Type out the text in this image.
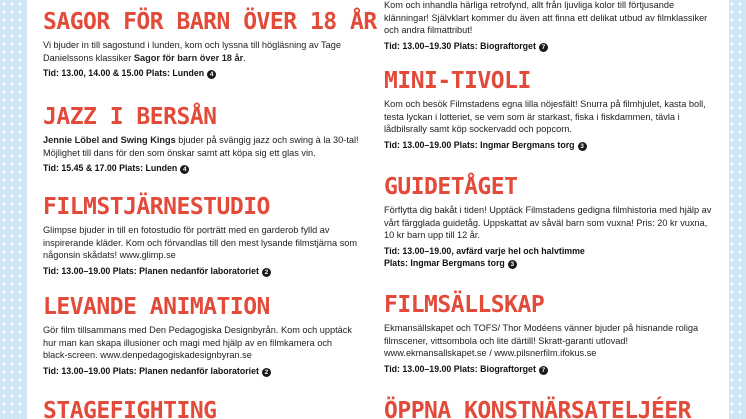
SAGOR FÖR BARN ÖVER 18 ÅR

Vi bjuder in till sagostund i lunden, kom och lyssna till högläsning av Tage Danielssons klassiker Sagor för barn över 18 år.

Tid: 13.00, 14.00 & 15.00 Plats: Lunden 4

JAZZ I BERSÅN

Jennie Löbel and Swing Kings bjuder på svängig jazz och swing à la 30-tal! Möjlighet till dans för den som önskar samt att köpa sig ett glas vin.

Tid: 15.45 & 17.00 Plats: Lunden 4

FILMSTJÄRNESTUDIO

Glimpse bjuder in till en fotostudio för porträtt med en garderob fylld av inspirerande kläder. Kom och förvandlas till den mest lysande filmstjärna som någonsin skådats! www.glimp.se

Tid: 13.00–19.00 Plats: Planen nedanför laboratoriet 2

LEVANDE ANIMATION

Gör film tillsammans med Den Pedagogiska Designbyrån. Kom och upptäck hur man kan skapa illusioner och magi med hjälp av en filmkamera och black-screen. www.denpedagogiskadesignbyran.se

Tid: 13.00–19.00 Plats: Planen nedanför laboratoriet 2

STAGEFIGHTING

Kom och inhandla härliga retrofynd, allt från ljuvliga kolor till förtjusande klänningar! Självklart kommer du även att finna ett delikat utbud av filmklassiker och andra filmattribut!

Tid: 13.00–19.30 Plats: Biograftorget 7

MINI-TIVOLI

Kom och besök Filmstadens egna lilla nöjesfält! Snurra på filmhjulet, kasta boll, testa lyckan i lotteriet, se vem som är starkast, fiska i fiskdammen, tävla i lådbilsrally samt köp sockervadd och popcorn.

Tid: 13.00–19.00 Plats: Ingmar Bergmans torg 3

GUIDETÅGET

Förflytta dig bakåt i tiden! Upptäck Filmstadens gedigna filmhistoria med hjälp av vårt färgglada guidetåg. Uppskattat av såväl barn som vuxna! Pris: 20 kr vuxna, 10 kr barn upp till 12 år.

Tid: 13.00–19.00, avfärd varje hel och halvtimme
Plats: Ingmar Bergmans torg 3

FILMSÄLLSKAP

Ekmansällskapet och TOFS/ Thor Modéens vänner bjuder på hisnande roliga filmscener, vittsombola och lite därtill! Skratt-garanti utlovad! www.ekmansallskapet.se / www.pilsnerfilm.ifokus.se

Tid: 13.00–19.00 Plats: Biograftorget 7

ÖPPNA KONSTNÄRSATELJÉER
